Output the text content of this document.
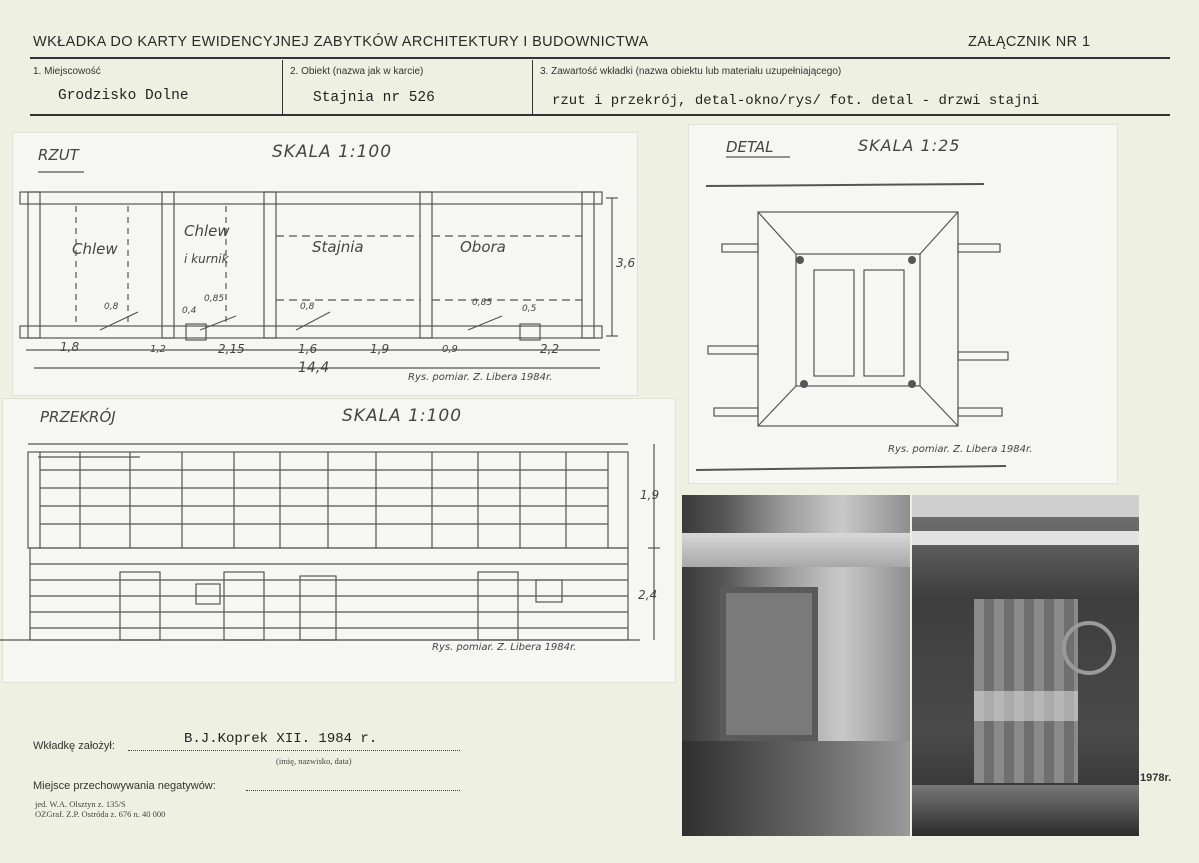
WKŁADKA DO KARTY EWIDENCYJNEJ ZABYTKÓW ARCHITEKTURY I BUDOWNICTWA	ZAŁĄCZNIK NR 1
1. Miejscowość
Grodzisko Dolne
2. Obiekt (nazwa jak w karcie)
Stajnia nr 526
3. Zawartość wkładki (nazwa obiektu lub materiału uzupełniającego)
rzut i przekrój, detal-okno/rys/ fot. detal - drzwi stajni
RZUT	SKALA 1:100
Chlew
Chlew
i kurnik
Stajnia	Obora
0,8	0,4
0,85
0,8	0,85
0,5
1,8	1,2	2,15	1,6	1,9	0,9	2,2
14,4
3,6
Rys. pomiar. Z. Libera 1984r.
PRZEKRÓJ	SKALA 1:100
1,9
2,4
Rys. pomiar. Z. Libera 1984r.
DETAL	SKALA 1:25
Rys. pomiar. Z. Libera 1984r.
1978r.
Wkładkę założył:	B.J.Koprek XII. 1984 r.
(imię, nazwisko, data)
Miejsce przechowywania negatywów:
jed. W.A. Olsztyn z. 135/S
OZGraf. Z.P. Ostróda z. 676 n. 40 000
